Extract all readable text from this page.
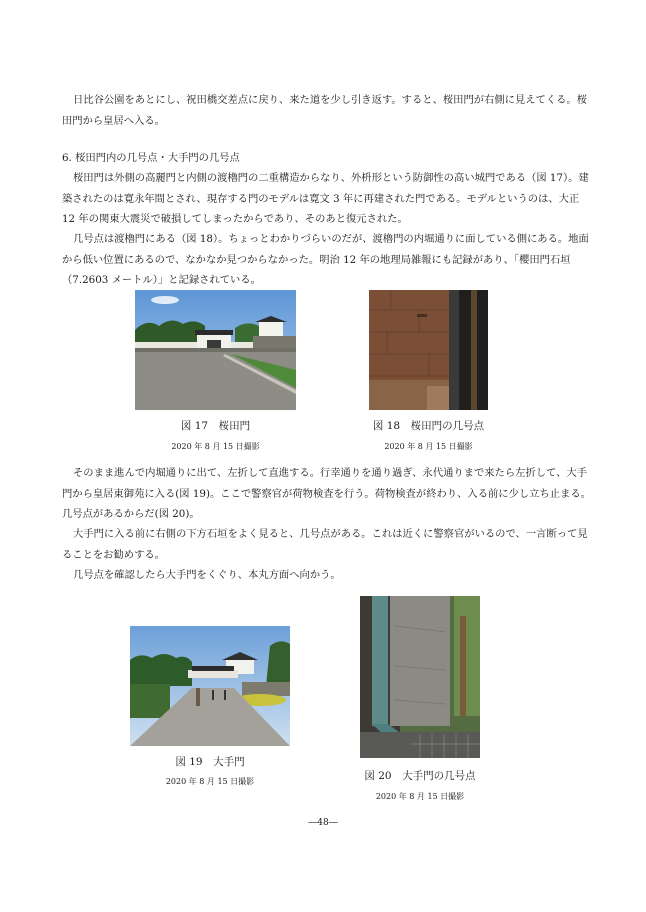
日比谷公園をあとにし、祝田橋交差点に戻り、来た道を少し引き返す。すると、桜田門が右側に見えてくる。桜田門から皇居へ入る。

6. 桜田門内の几号点・大手門の几号点

桜田門は外側の高麗門と内側の渡櫓門の二重構造からなり、外枡形という防御性の高い城門である（図 17）。建築されたのは寛永年間とされ、現存する門のモデルは寛文 3 年に再建された門である。モデルというのは、大正 12 年の関東大震災で破損してしまったからであり、そのあと復元された。

几号点は渡櫓門にある（図 18）。ちょっとわかりづらいのだが、渡櫓門の内堀通りに面している側にある。地面から低い位置にあるので、なかなか見つからなかった。明治 12 年の地理局雑報にも記録があり、「櫻田門石垣（7.2603 メートル）」と記録されている。

図 17　桜田門
2020 年 8 月 15 日撮影
図 18　桜田門の几号点
2020 年 8 月 15 日撮影

そのまま進んで内堀通りに出て、左折して直進する。行幸通りを通り過ぎ、永代通りまで来たら左折して、大手門から皇居東御苑に入る(図 19)。ここで警察官が荷物検査を行う。荷物検査が終わり、入る前に少し立ち止まる。几号点があるからだ(図 20)。

大手門に入る前に右側の下方石垣をよく見ると、几号点がある。これは近くに警察官がいるので、一言断って見ることをお勧めする。

几号点を確認したら大手門をくぐり、本丸方面へ向かう。

図 19　大手門
2020 年 8 月 15 日撮影	図 20　大手門の几号点
2020 年 8 月 15 日撮影
―48―
